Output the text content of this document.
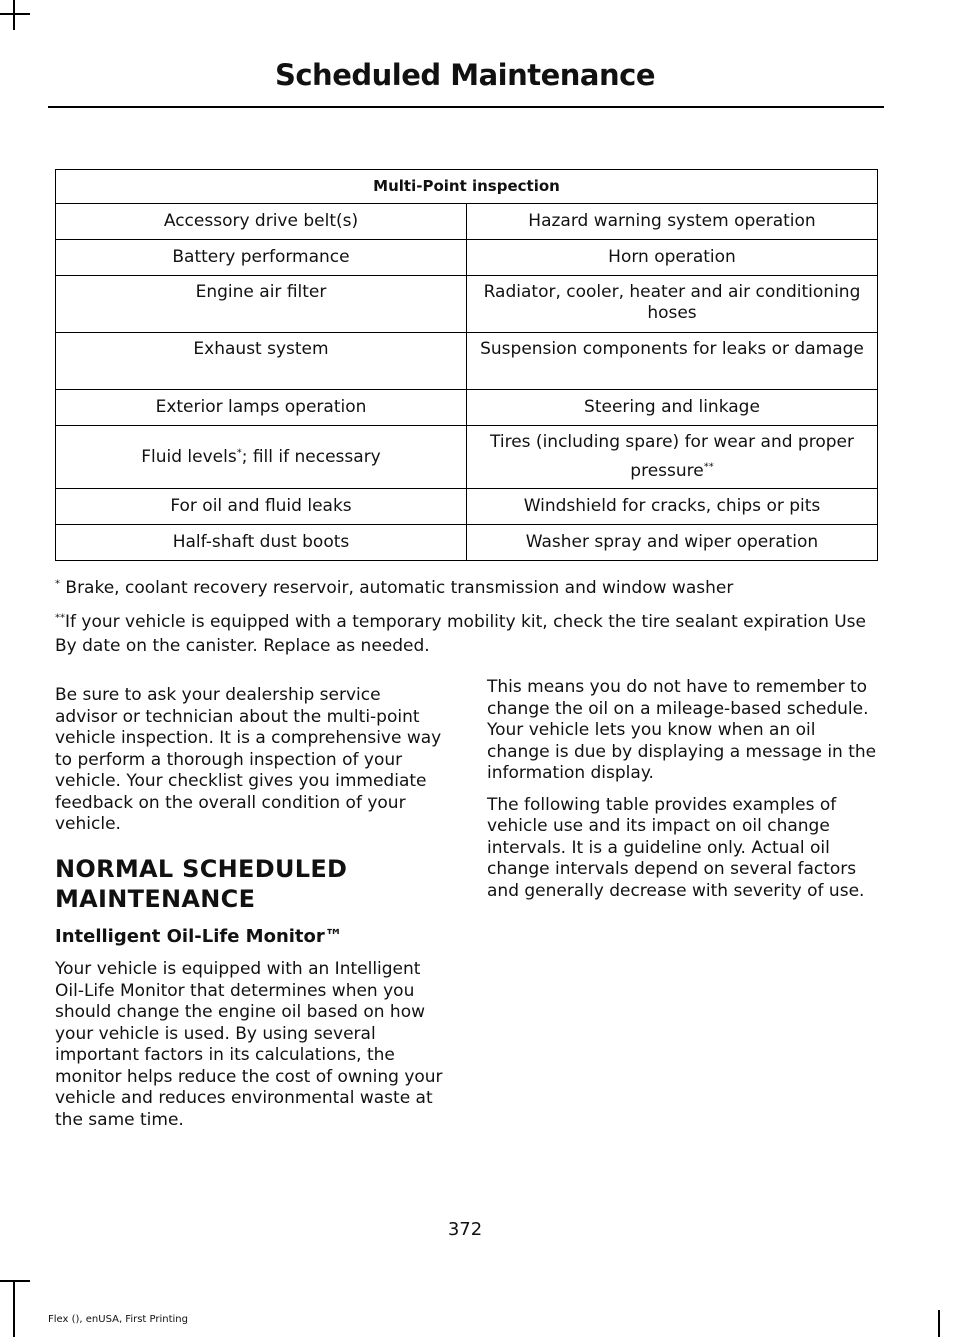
Scheduled Maintenance
Multi-Point inspection	
Accessory drive belt(s)	Hazard warning system operation
Battery performance	Horn operation
Engine air filter	Radiator, cooler, heater and air conditioning hoses
Exhaust system	Suspension components for leaks or damage
Exterior lamps operation	Steering and linkage
Fluid levels*; fill if necessary	Tires (including spare) for wear and proper pressure**
For oil and fluid leaks	Windshield for cracks, chips or pits
Half-shaft dust boots	Washer spray and wiper operation

* Brake, coolant recovery reservoir, automatic transmission and window washer

**If your vehicle is equipped with a temporary mobility kit, check the tire sealant expiration Use By date on the canister. Replace as needed.

Be sure to ask your dealership service advisor or technician about the multi-point vehicle inspection. It is a comprehensive way to perform a thorough inspection of your vehicle. Your checklist gives you immediate feedback on the overall condition of your vehicle.

NORMAL SCHEDULED MAINTENANCE
Intelligent Oil-Life Monitor™

Your vehicle is equipped with an Intelligent Oil-Life Monitor that determines when you should change the engine oil based on how your vehicle is used. By using several important factors in its calculations, the monitor helps reduce the cost of owning your vehicle and reduces environmental waste at the same time.

This means you do not have to remember to change the oil on a mileage-based schedule. Your vehicle lets you know when an oil change is due by displaying a message in the information display.

The following table provides examples of vehicle use and its impact on oil change intervals. It is a guideline only. Actual oil change intervals depend on several factors and generally decrease with severity of use.

372

Flex (), enUSA, First Printing
